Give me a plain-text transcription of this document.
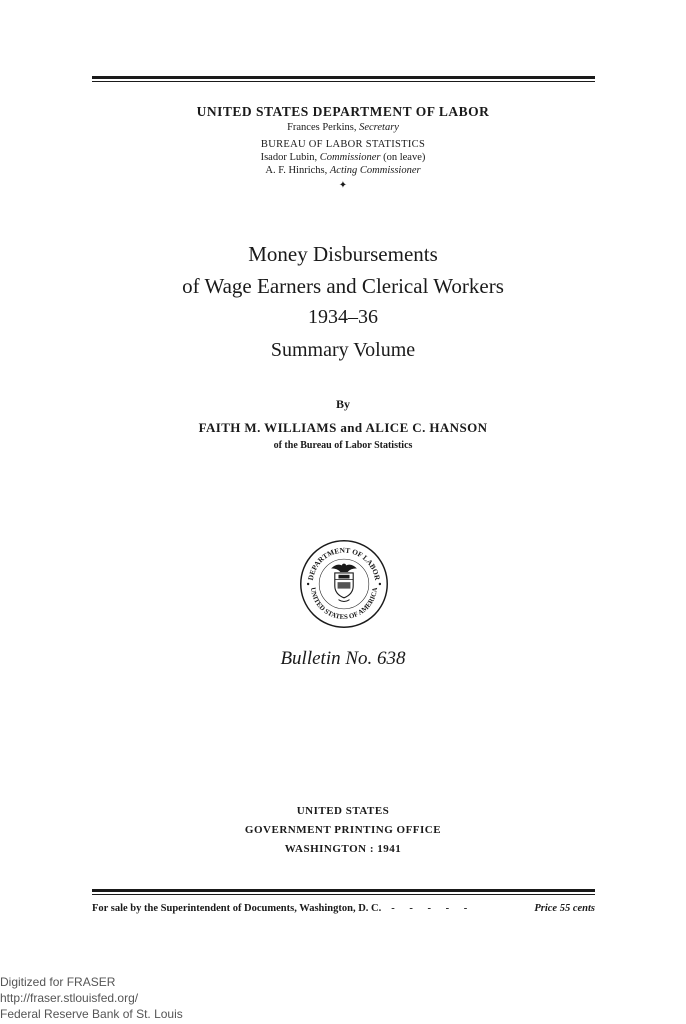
UNITED STATES DEPARTMENT OF LABOR
Frances Perkins, Secretary
BUREAU OF LABOR STATISTICS
Isador Lubin, Commissioner (on leave)
A. F. Hinrichs, Acting Commissioner
✦
Money Disbursements
of Wage Earners and Clerical Workers
1934–36
Summary Volume
By
FAITH M. WILLIAMS and ALICE C. HANSON
of the Bureau of Labor Statistics
DEPARTMENT OF LABOR
UNITED STATES OF AMERICA
Bulletin No. 638
UNITED STATES
GOVERNMENT PRINTING OFFICE
WASHINGTON : 1941
For sale by the Superintendent of Documents, Washington, D. C. - - - - -	Price 55 cents
Digitized for FRASER
http://fraser.stlouisfed.org/
Federal Reserve Bank of St. Louis
